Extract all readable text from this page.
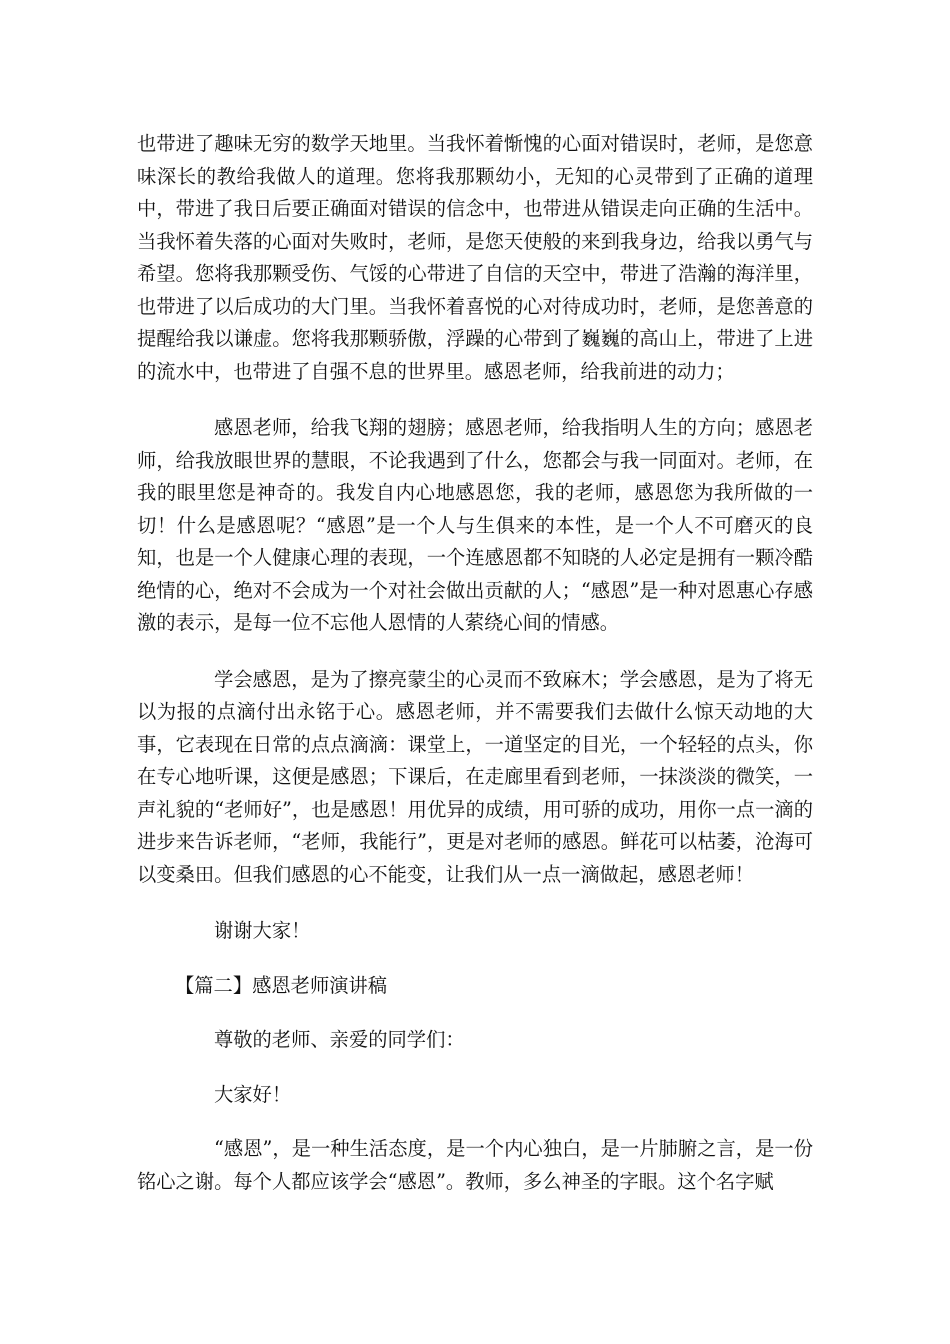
也带进了趣味无穷的数学天地里。当我怀着惭愧的心面对错误时，老师，是您意味深长的教给我做人的道理。您将我那颗幼小，无知的心灵带到了正确的道理中，带进了我日后要正确面对错误的信念中，也带进从错误走向正确的生活中。当我怀着失落的心面对失败时，老师，是您天使般的来到我身边，给我以勇气与希望。您将我那颗受伤、气馁的心带进了自信的天空中，带进了浩瀚的海洋里，也带进了以后成功的大门里。当我怀着喜悦的心对待成功时，老师，是您善意的提醒给我以谦虚。您将我那颗骄傲，浮躁的心带到了巍巍的高山上，带进了上进的流水中，也带进了自强不息的世界里。感恩老师，给我前进的动力；

感恩老师，给我飞翔的翅膀；感恩老师，给我指明人生的方向；感恩老师，给我放眼世界的慧眼，不论我遇到了什么，您都会与我一同面对。老师，在我的眼里您是神奇的。我发自内心地感恩您，我的老师，感恩您为我所做的一切！什么是感恩呢？“感恩”是一个人与生俱来的本性，是一个人不可磨灭的良知，也是一个人健康心理的表现，一个连感恩都不知晓的人必定是拥有一颗冷酷绝情的心，绝对不会成为一个对社会做出贡献的人；“感恩”是一种对恩惠心存感激的表示，是每一位不忘他人恩情的人萦绕心间的情感。

学会感恩，是为了擦亮蒙尘的心灵而不致麻木；学会感恩，是为了将无以为报的点滴付出永铭于心。感恩老师，并不需要我们去做什么惊天动地的大事，它表现在日常的点点滴滴：课堂上，一道坚定的目光，一个轻轻的点头，你在专心地听课，这便是感恩；下课后，在走廊里看到老师，一抹淡淡的微笑，一声礼貌的“老师好”，也是感恩！用优异的成绩，用可骄的成功，用你一点一滴的进步来告诉老师，“老师，我能行”，更是对老师的感恩。鲜花可以枯萎，沧海可以变桑田。但我们感恩的心不能变，让我们从一点一滴做起，感恩老师！

谢谢大家！

【篇二】感恩老师演讲稿

尊敬的老师、亲爱的同学们：

大家好！

“感恩”，是一种生活态度，是一个内心独白，是一片肺腑之言，是一份铭心之谢。每个人都应该学会“感恩”。教师，多么神圣的字眼。这个名字赋
